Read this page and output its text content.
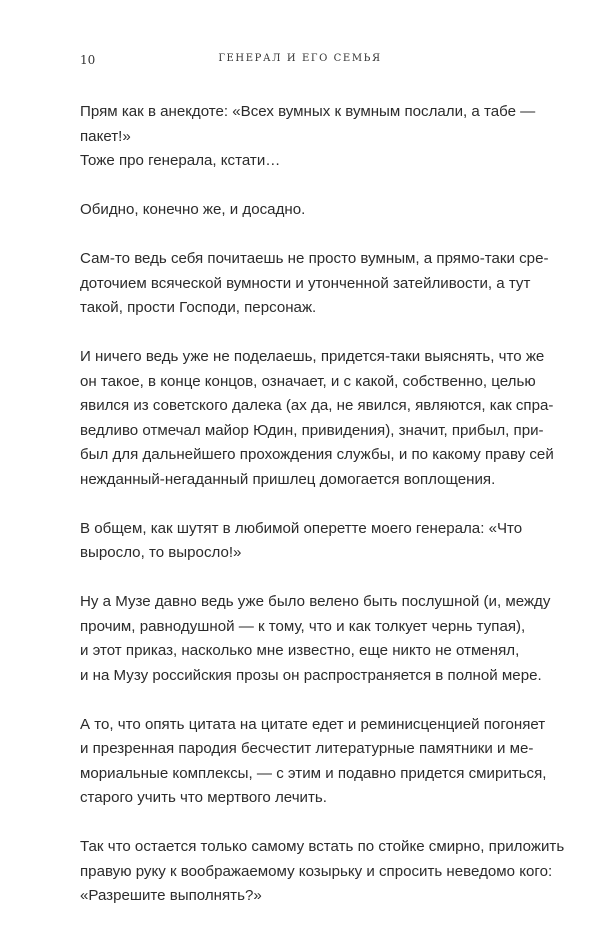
10	ГЕНЕРАЛ И ЕГО СЕМЬЯ

Прям как в анекдоте: «Всех вумных к вумным послали, а табе —
пакет!»
Тоже про генерала, кстати…

Обидно, конечно же, и досадно.

Сам-то ведь себя почитаешь не просто вумным, а прямо-таки сре-
доточием всяческой вумности и утонченной затейливости, а тут
такой, прости Господи, персонаж.

И ничего ведь уже не поделаешь, придется-таки выяснять, что же
он такое, в конце концов, означает, и с какой, собственно, целью
явился из советского далека (ах да, не явился, являются, как спра-
ведливо отмечал майор Юдин, привидения), значит, прибыл, при-
был для дальнейшего прохождения службы, и по какому праву сей
нежданный-негаданный пришлец домогается воплощения.

В общем, как шутят в любимой оперетте моего генерала: «Что
выросло, то выросло!»

Ну а Музе давно ведь уже было велено быть послушной (и, между
прочим, равнодушной — к тому, что и как толкует чернь тупая),
и этот приказ, насколько мне известно, еще никто не отменял,
и на Музу российския прозы он распространяется в полной мере.

А то, что опять цитата на цитате едет и реминисценцией погоняет
и презренная пародия бесчестит литературные памятники и ме-
мориальные комплексы, — с этим и подавно придется смириться,
старого учить что мертвого лечить.

Так что остается только самому встать по стойке смирно, приложить
правую руку к воображаемому козырьку и спросить неведомо кого:
«Разрешите выполнять?»
